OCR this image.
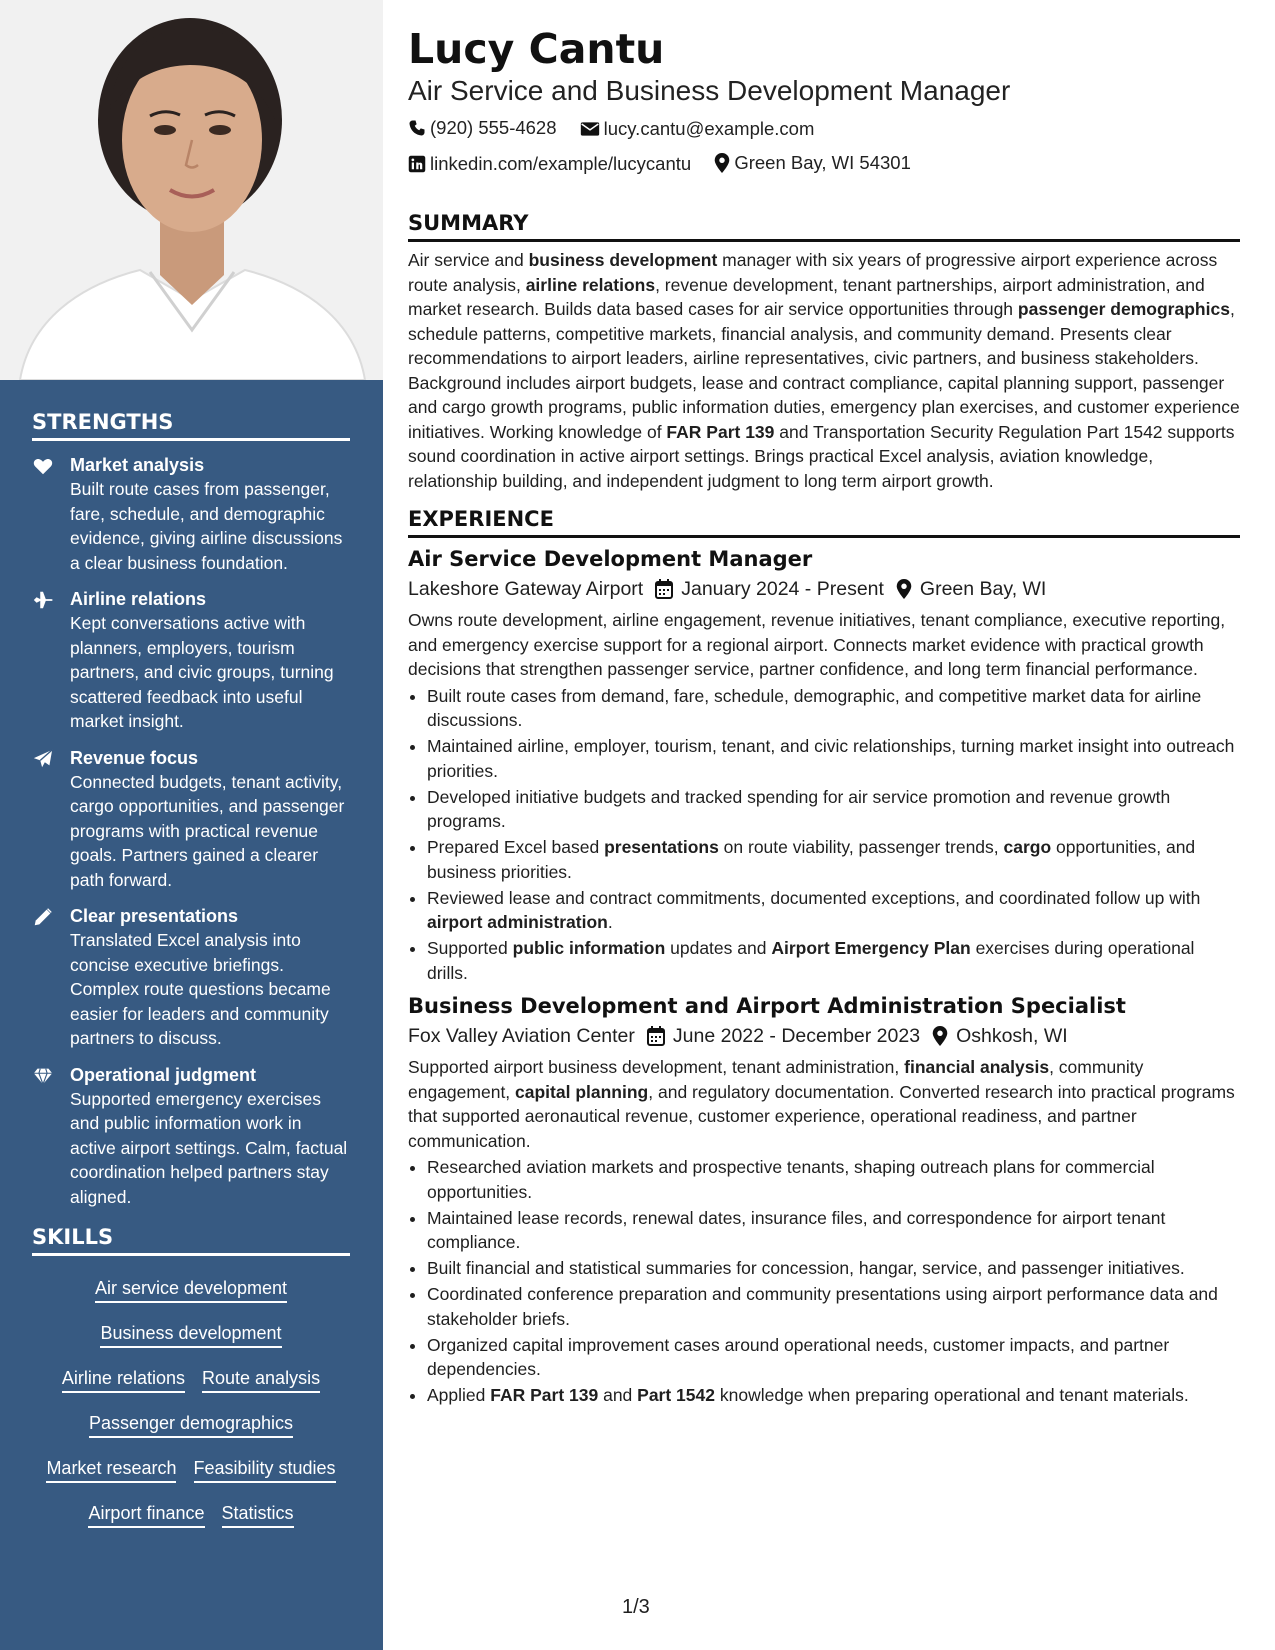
STRENGTHS
Market analysis
Built route cases from passenger, fare, schedule, and demographic evidence, giving airline discussions a clear business foundation.
Airline relations
Kept conversations active with planners, employers, tourism partners, and civic groups, turning scattered feedback into useful market insight.
Revenue focus
Connected budgets, tenant activity, cargo opportunities, and passenger programs with practical revenue goals. Partners gained a clearer path forward.
Clear presentations
Translated Excel analysis into concise executive briefings. Complex route questions became easier for leaders and community partners to discuss.
Operational judgment
Supported emergency exercises and public information work in active airport settings. Calm, factual coordination helped partners stay aligned.
SKILLS
Air service development
Business development
Airline relations Route analysis
Passenger demographics
Market research Feasibility studies
Airport finance Statistics
Lucy Cantu
Air Service and Business Development Manager
(920) 555-4628
	lucy.cantu@example.com
linkedin.com/example/lucycantu
Green Bay, WI 54301
SUMMARY
Air service and business development manager with six years of progressive airport experience across route analysis, airline relations, revenue development, tenant partnerships, airport administration, and market research. Builds data based cases for air service opportunities through passenger demographics, schedule patterns, competitive markets, financial analysis, and community demand. Presents clear recommendations to airport leaders, airline representatives, civic partners, and business stakeholders. Background includes airport budgets, lease and contract compliance, capital planning support, passenger and cargo growth programs, public information duties, emergency plan exercises, and customer experience initiatives. Working knowledge of FAR Part 139 and Transportation Security Regulation Part 1542 supports sound coordination in active airport settings. Brings practical Excel analysis, aviation knowledge, relationship building, and independent judgment to long term airport growth.
EXPERIENCE
Air Service Development Manager
Lakeshore Gateway Airport January 2024 - Present Green Bay, WI
Owns route development, airline engagement, revenue initiatives, tenant compliance, executive reporting, and emergency exercise support for a regional airport. Connects market evidence with practical growth decisions that strengthen passenger service, partner confidence, and long term financial performance.
• Built route cases from demand, fare, schedule, demographic, and competitive market data for airline discussions.
• Maintained airline, employer, tourism, tenant, and civic relationships, turning market insight into outreach priorities.
• Developed initiative budgets and tracked spending for air service promotion and revenue growth programs.
• Prepared Excel based presentations on route viability, passenger trends, cargo opportunities, and business priorities.
• Reviewed lease and contract commitments, documented exceptions, and coordinated follow up with airport administration.
• Supported public information updates and Airport Emergency Plan exercises during operational drills.
Business Development and Airport Administration Specialist
Fox Valley Aviation Center June 2022 - December 2023 Oshkosh, WI
Supported airport business development, tenant administration, financial analysis, community engagement, capital planning, and regulatory documentation. Converted research into practical programs that supported aeronautical revenue, customer experience, operational readiness, and partner communication.
• Researched aviation markets and prospective tenants, shaping outreach plans for commercial opportunities.
• Maintained lease records, renewal dates, insurance files, and correspondence for airport tenant compliance.
• Built financial and statistical summaries for concession, hangar, service, and passenger initiatives.
• Coordinated conference preparation and community presentations using airport performance data and stakeholder briefs.
• Organized capital improvement cases around operational needs, customer impacts, and partner dependencies.
• Applied FAR Part 139 and Part 1542 knowledge when preparing operational and tenant materials.
1/3
